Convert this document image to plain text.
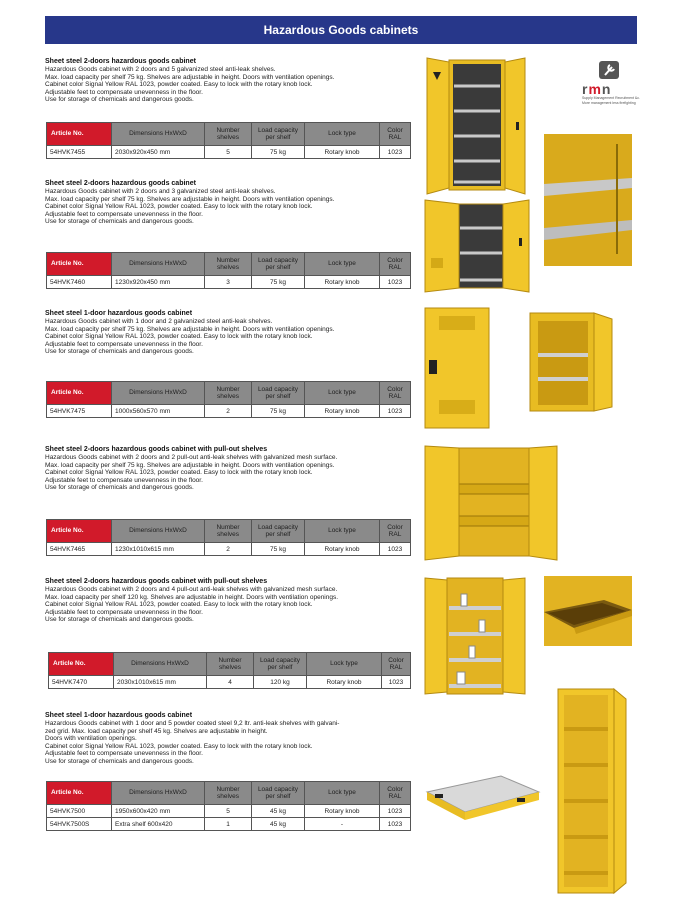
Hazardous Goods cabinets
rmn
Supply Management Recruitment &c.
More management less firefighting
Sheet steel 2-doors hazardous goods cabinet
Hazardous Goods cabinet with 2 doors and 5 galvanized steel anti-leak shelves.
Max. load capacity per shelf 75 kg. Shelves are adjustable in height. Doors with ventilation openings.
Cabinet color Signal Yellow RAL 1023, powder coated. Easy to lock with the rotary knob lock.
Adjustable feet to compensate unevenness in the floor.
Use for storage of chemicals and dangerous goods.
Article No.	Dimensions HxWxD	Number shelves	Load capacity per shelf	Lock type	Color RAL
54HVK7455	2030x920x450 mm	5	75 kg	Rotary knob	1023
Sheet steel 2-doors hazardous goods cabinet
Hazardous Goods cabinet with 2 doors and 3 galvanized steel anti-leak shelves.
Max. load capacity per shelf 75 kg. Shelves are adjustable in height. Doors with ventilation openings.
Cabinet color Signal Yellow RAL 1023, powder coated. Easy to lock with the rotary knob lock.
Adjustable feet to compensate unevenness in the floor.
Use for storage of chemicals and dangerous goods.
Article No.	Dimensions HxWxD	Number shelves	Load capacity per shelf	Lock type	Color RAL
54HVK7460	1230x920x450 mm	3	75 kg	Rotary knob	1023
Sheet steel 1-door hazardous goods cabinet
Hazardous Goods cabinet with 1 door and 2 galvanized steel anti-leak shelves.
Max. load capacity per shelf 75 kg. Shelves are adjustable in height. Doors with ventilation openings.
Cabinet color Signal Yellow RAL 1023, powder coated. Easy to lock with the rotary knob lock.
Adjustable feet to compensate unevenness in the floor.
Use for storage of chemicals and dangerous goods.
Article No.	Dimensions HxWxD	Number shelves	Load capacity per shelf	Lock type	Color RAL
54HVK7475	1000x560x570 mm	2	75 kg	Rotary knob	1023
Sheet steel 2-doors hazardous goods cabinet with pull-out shelves
Hazardous Goods cabinet with 2 doors and 2 pull-out anti-leak shelves with galvanized mesh surface.
Max. load capacity per shelf 75 kg. Shelves are adjustable in height. Doors with ventilation openings.
Cabinet color Signal Yellow RAL 1023, powder coated. Easy to lock with the rotary knob lock.
Adjustable feet to compensate unevenness in the floor.
Use for storage of chemicals and dangerous goods.
Article No.	Dimensions HxWxD	Number shelves	Load capacity per shelf	Lock type	Color RAL
54HVK7465	1230x1010x615 mm	2	75 kg	Rotary knob	1023
Sheet steel 2-doors hazardous goods cabinet with pull-out shelves
Hazardous Goods cabinet with 2 doors and 4 pull-out anti-leak shelves with galvanized mesh surface.
Max. load capacity per shelf 120 kg. Shelves are adjustable in height. Doors with ventilation openings.
Cabinet color Signal Yellow RAL 1023, powder coated. Easy to lock with the rotary knob lock.
Adjustable feet to compensate unevenness in the floor.
Use for storage of chemicals and dangerous goods.
Article No.	Dimensions HxWxD	Number shelves	Load capacity per shelf	Lock type	Color RAL
54HVK7470	2030x1010x615 mm	4	120 kg	Rotary knob	1023
Sheet steel 1-door hazardous goods cabinet
Hazardous Goods cabinet with 1 door and 5 powder coated steel 9,2 ltr. anti-leak shelves with galvani-
zed grid. Max. load capacity per shelf 45 kg. Shelves are adjustable in height.
Doors with ventilation openings.
Cabinet color Signal Yellow RAL 1023, powder coated. Easy to lock with the rotary knob lock.
Adjustable feet to compensate unevenness in the floor.
Use for storage of chemicals and dangerous goods.
Article No.	Dimensions HxWxD	Number shelves	Load capacity per shelf	Lock type	Color RAL
54HVK7500	1950x600x420 mm	5	45 kg	Rotary knob	1023
54HVK7500S	Extra shelf 600x420	1	45 kg	-	1023
